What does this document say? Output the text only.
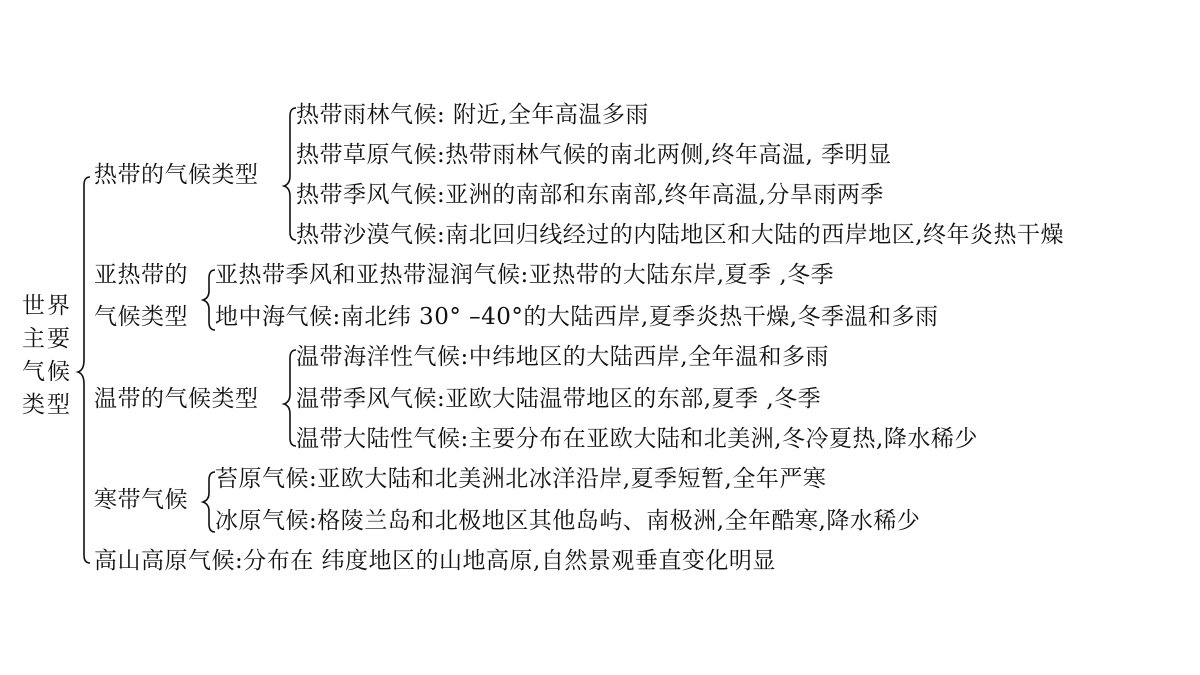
世界
主要
气候
类型
热带的气候类型
热带雨林气候: 附近,全年高温多雨
热带草原气候:热带雨林气候的南北两侧,终年高温, 季明显
热带季风气候:亚洲的南部和东南部,终年高温,分旱雨两季
热带沙漠气候:南北回归线经过的内陆地区和大陆的西岸地区,终年炎热干燥
亚热带的
气候类型
亚热带季风和亚热带湿润气候:亚热带的大陆东岸,夏季 ,冬季
地中海气候:南北纬 30° –40°的大陆西岸,夏季炎热干燥,冬季温和多雨
温带的气候类型
温带海洋性气候:中纬地区的大陆西岸,全年温和多雨
温带季风气候:亚欧大陆温带地区的东部,夏季 ,冬季
温带大陆性气候:主要分布在亚欧大陆和北美洲,冬冷夏热,降水稀少
寒带气候
苔原气候:亚欧大陆和北美洲北冰洋沿岸,夏季短暂,全年严寒
冰原气候:格陵兰岛和北极地区其他岛屿、南极洲,全年酷寒,降水稀少
高山高原气候:分布在 纬度地区的山地高原,自然景观垂直变化明显
